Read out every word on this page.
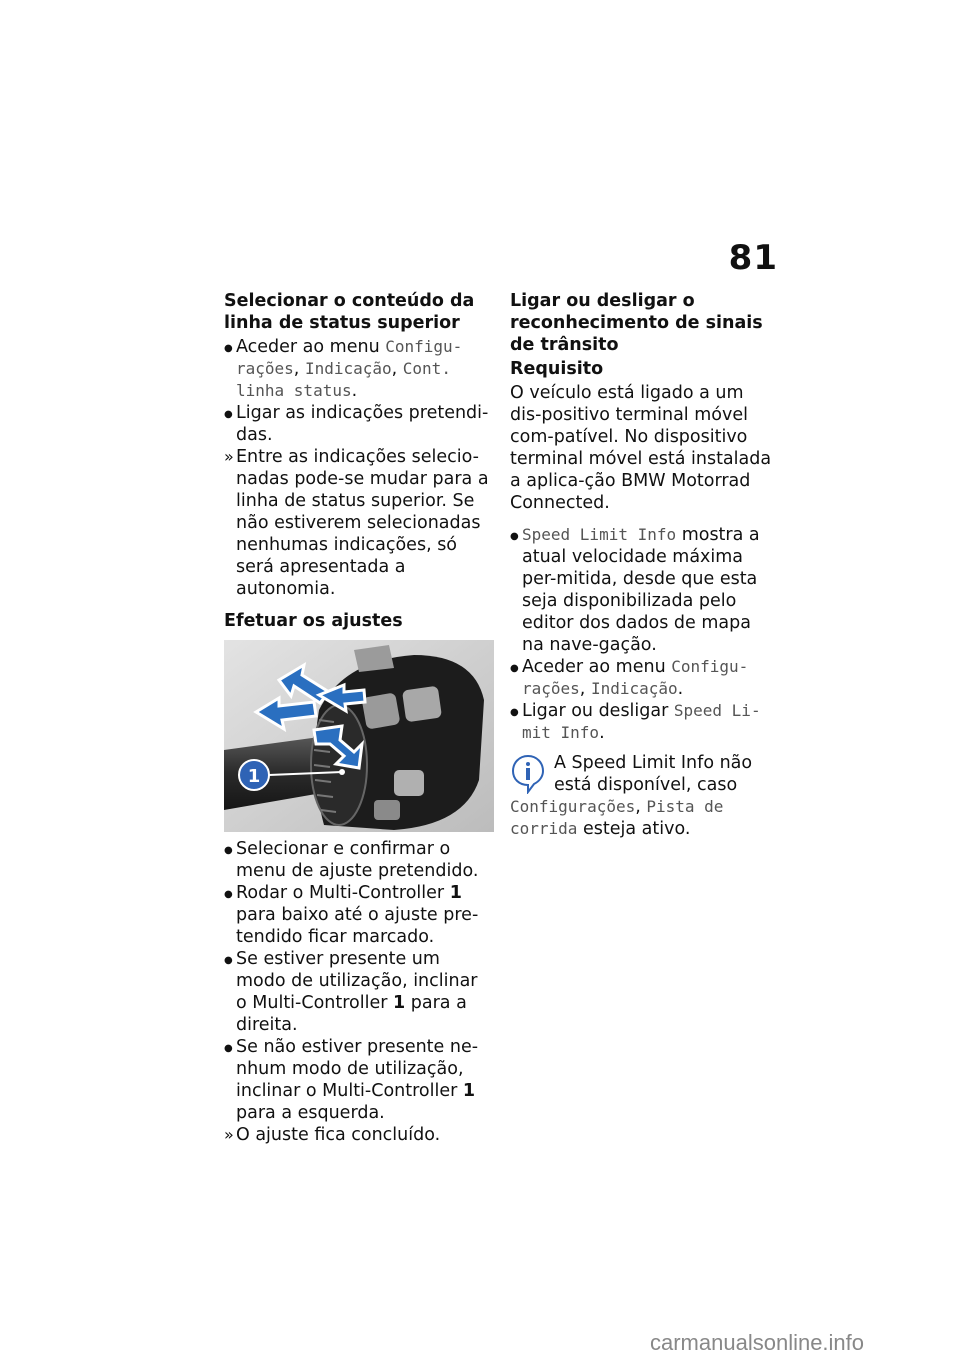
81
Selecionar o conteúdo da linha de status superior
●
Aceder ao menu Configu-rações, Indicação, Cont. linha status.
●
Ligar as indicações pretendi-das.
»
Entre as indicações selecio-nadas pode-se mudar para a linha de status superior. Se não estiverem selecionadas nenhumas indicações, só será apresentada a autonomia.
Efetuar os ajustes
1
●
Selecionar e confirmar o menu de ajuste pretendido.
●
Rodar o Multi-Controller 1 para baixo até o ajuste pre-tendido ficar marcado.
●
Se estiver presente um modo de utilização, inclinar o Multi-Controller 1 para a direita.
●
Se não estiver presente ne-nhum modo de utilização, inclinar o Multi-Controller 1 para a esquerda.
»
O ajuste fica concluído.
Ligar ou desligar o reconhecimento de sinais de trânsito
Requisito
O veículo está ligado a um dis-positivo terminal móvel com-patível. No dispositivo terminal móvel está instalada a aplica-ção BMW Motorrad Connected.
●
Speed Limit Info mostra a atual velocidade máxima per-mitida, desde que esta seja disponibilizada pelo editor dos dados de mapa na nave-gação.
●
Aceder ao menu Configu-rações, Indicação.
●
Ligar ou desligar Speed Li-mit Info.
A Speed Limit Info não está disponível, caso
Configurações, Pista de corrida esteja ativo.
carmanualsonline.info
